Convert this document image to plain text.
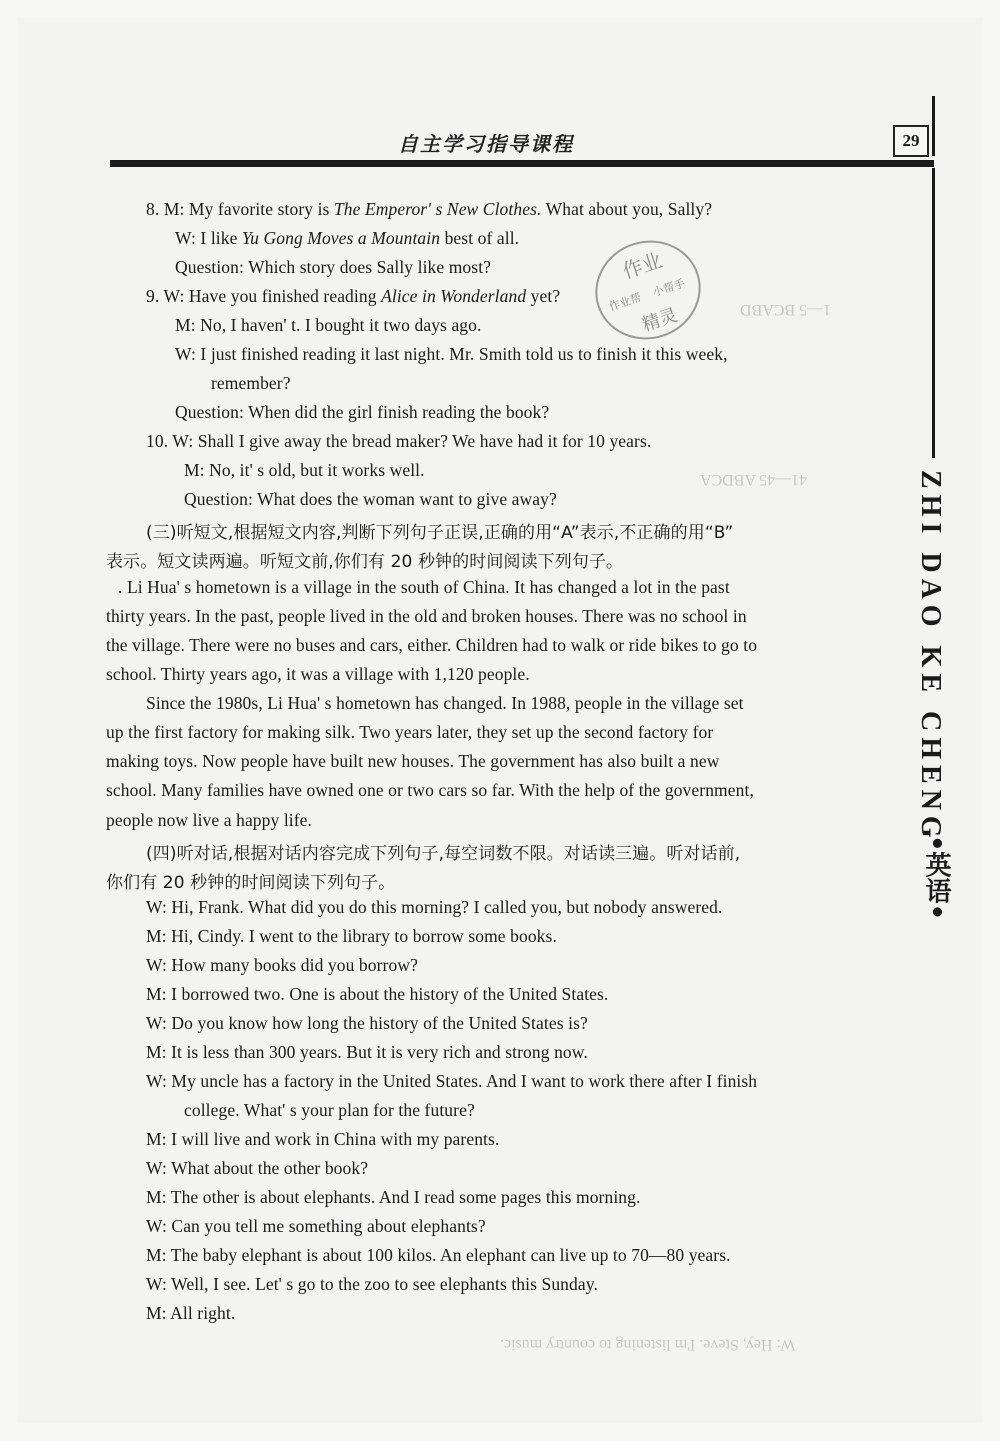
自主学习指导课程	29
ZHI DAO KE CHENG
•英语•
1—5 BCABD
41—45 ABDCA
W: Hey, Steve. I'm listening to country music.
作业
作业帮
小帮手
精灵
8. M: My favorite story is The Emperor' s New Clothes. What about you, Sally?
W: I like Yu Gong Moves a Mountain best of all.
Question: Which story does Sally like most?
9. W: Have you finished reading Alice in Wonderland yet?
M: No, I haven' t. I bought it two days ago.
W: I just finished reading it last night. Mr. Smith told us to finish it this week,
remember?
Question: When did the girl finish reading the book?
10. W: Shall I give away the bread maker? We have had it for 10 years.
M: No, it' s old, but it works well.
Question: What does the woman want to give away?
(三)听短文,根据短文内容,判断下列句子正误,正确的用“A”表示,不正确的用“B”
表示。短文读两遍。听短文前,你们有 20 秒钟的时间阅读下列句子。
. Li Hua' s hometown is a village in the south of China. It has changed a lot in the past
thirty years. In the past, people lived in the old and broken houses. There was no school in
the village. There were no buses and cars, either. Children had to walk or ride bikes to go to
school. Thirty years ago, it was a village with 1,120 people.
Since the 1980s, Li Hua' s hometown has changed. In 1988, people in the village set
up the first factory for making silk. Two years later, they set up the second factory for
making toys. Now people have built new houses. The government has also built a new
school. Many families have owned one or two cars so far. With the help of the government,
people now live a happy life.
(四)听对话,根据对话内容完成下列句子,每空词数不限。对话读三遍。听对话前,
你们有 20 秒钟的时间阅读下列句子。
W: Hi, Frank. What did you do this morning? I called you, but nobody answered.
M: Hi, Cindy. I went to the library to borrow some books.
W: How many books did you borrow?
M: I borrowed two. One is about the history of the United States.
W: Do you know how long the history of the United States is?
M: It is less than 300 years. But it is very rich and strong now.
W: My uncle has a factory in the United States. And I want to work there after I finish
college. What' s your plan for the future?
M: I will live and work in China with my parents.
W: What about the other book?
M: The other is about elephants. And I read some pages this morning.
W: Can you tell me something about elephants?
M: The baby elephant is about 100 kilos. An elephant can live up to 70—80 years.
W: Well, I see. Let' s go to the zoo to see elephants this Sunday.
M: All right.
